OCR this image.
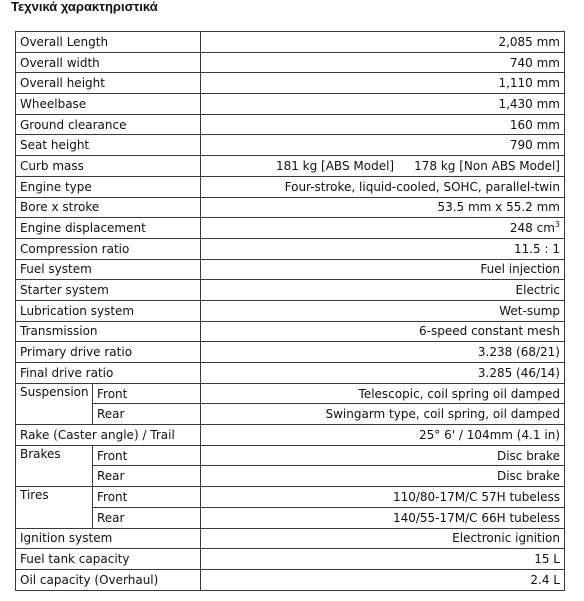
Τεχνικά χαρακτηριστικά
Overall Length		2,085 mm
Overall width		740 mm
Overall height		1,110 mm
Wheelbase		1,430 mm
Ground clearance		160 mm
Seat height		790 mm
Curb mass		181 kg [ABS Model] 178 kg [Non ABS Model]
Engine type		Four-stroke, liquid-cooled, SOHC, parallel-twin
Bore x stroke		53.5 mm x 55.2 mm
Engine displacement		248 $cm^3$
Compression ratio		11.5 : 1
Fuel system		Fuel injection
Starter system		Electric
Lubrication system		Wet-sump
Transmission		6-speed constant mesh
Primary drive ratio		3.238 (68/21)
Final drive ratio		3.285 (46/14)
Suspension	Front	Telescopic, coil spring oil damped
	Rear	Swingarm type, coil spring, oil damped
Rake (Caster angle) / Trail		25° 6' / 104mm (4.1 in)
Brakes	Front	Disc brake
	Rear	Disc brake
Tires	Front	110/80-17M/C 57H tubeless
	Rear	140/55-17M/C 66H tubeless
Ignition system		Electronic ignition
Fuel tank capacity		15 L
Oil capacity (Overhaul)		2.4 L
